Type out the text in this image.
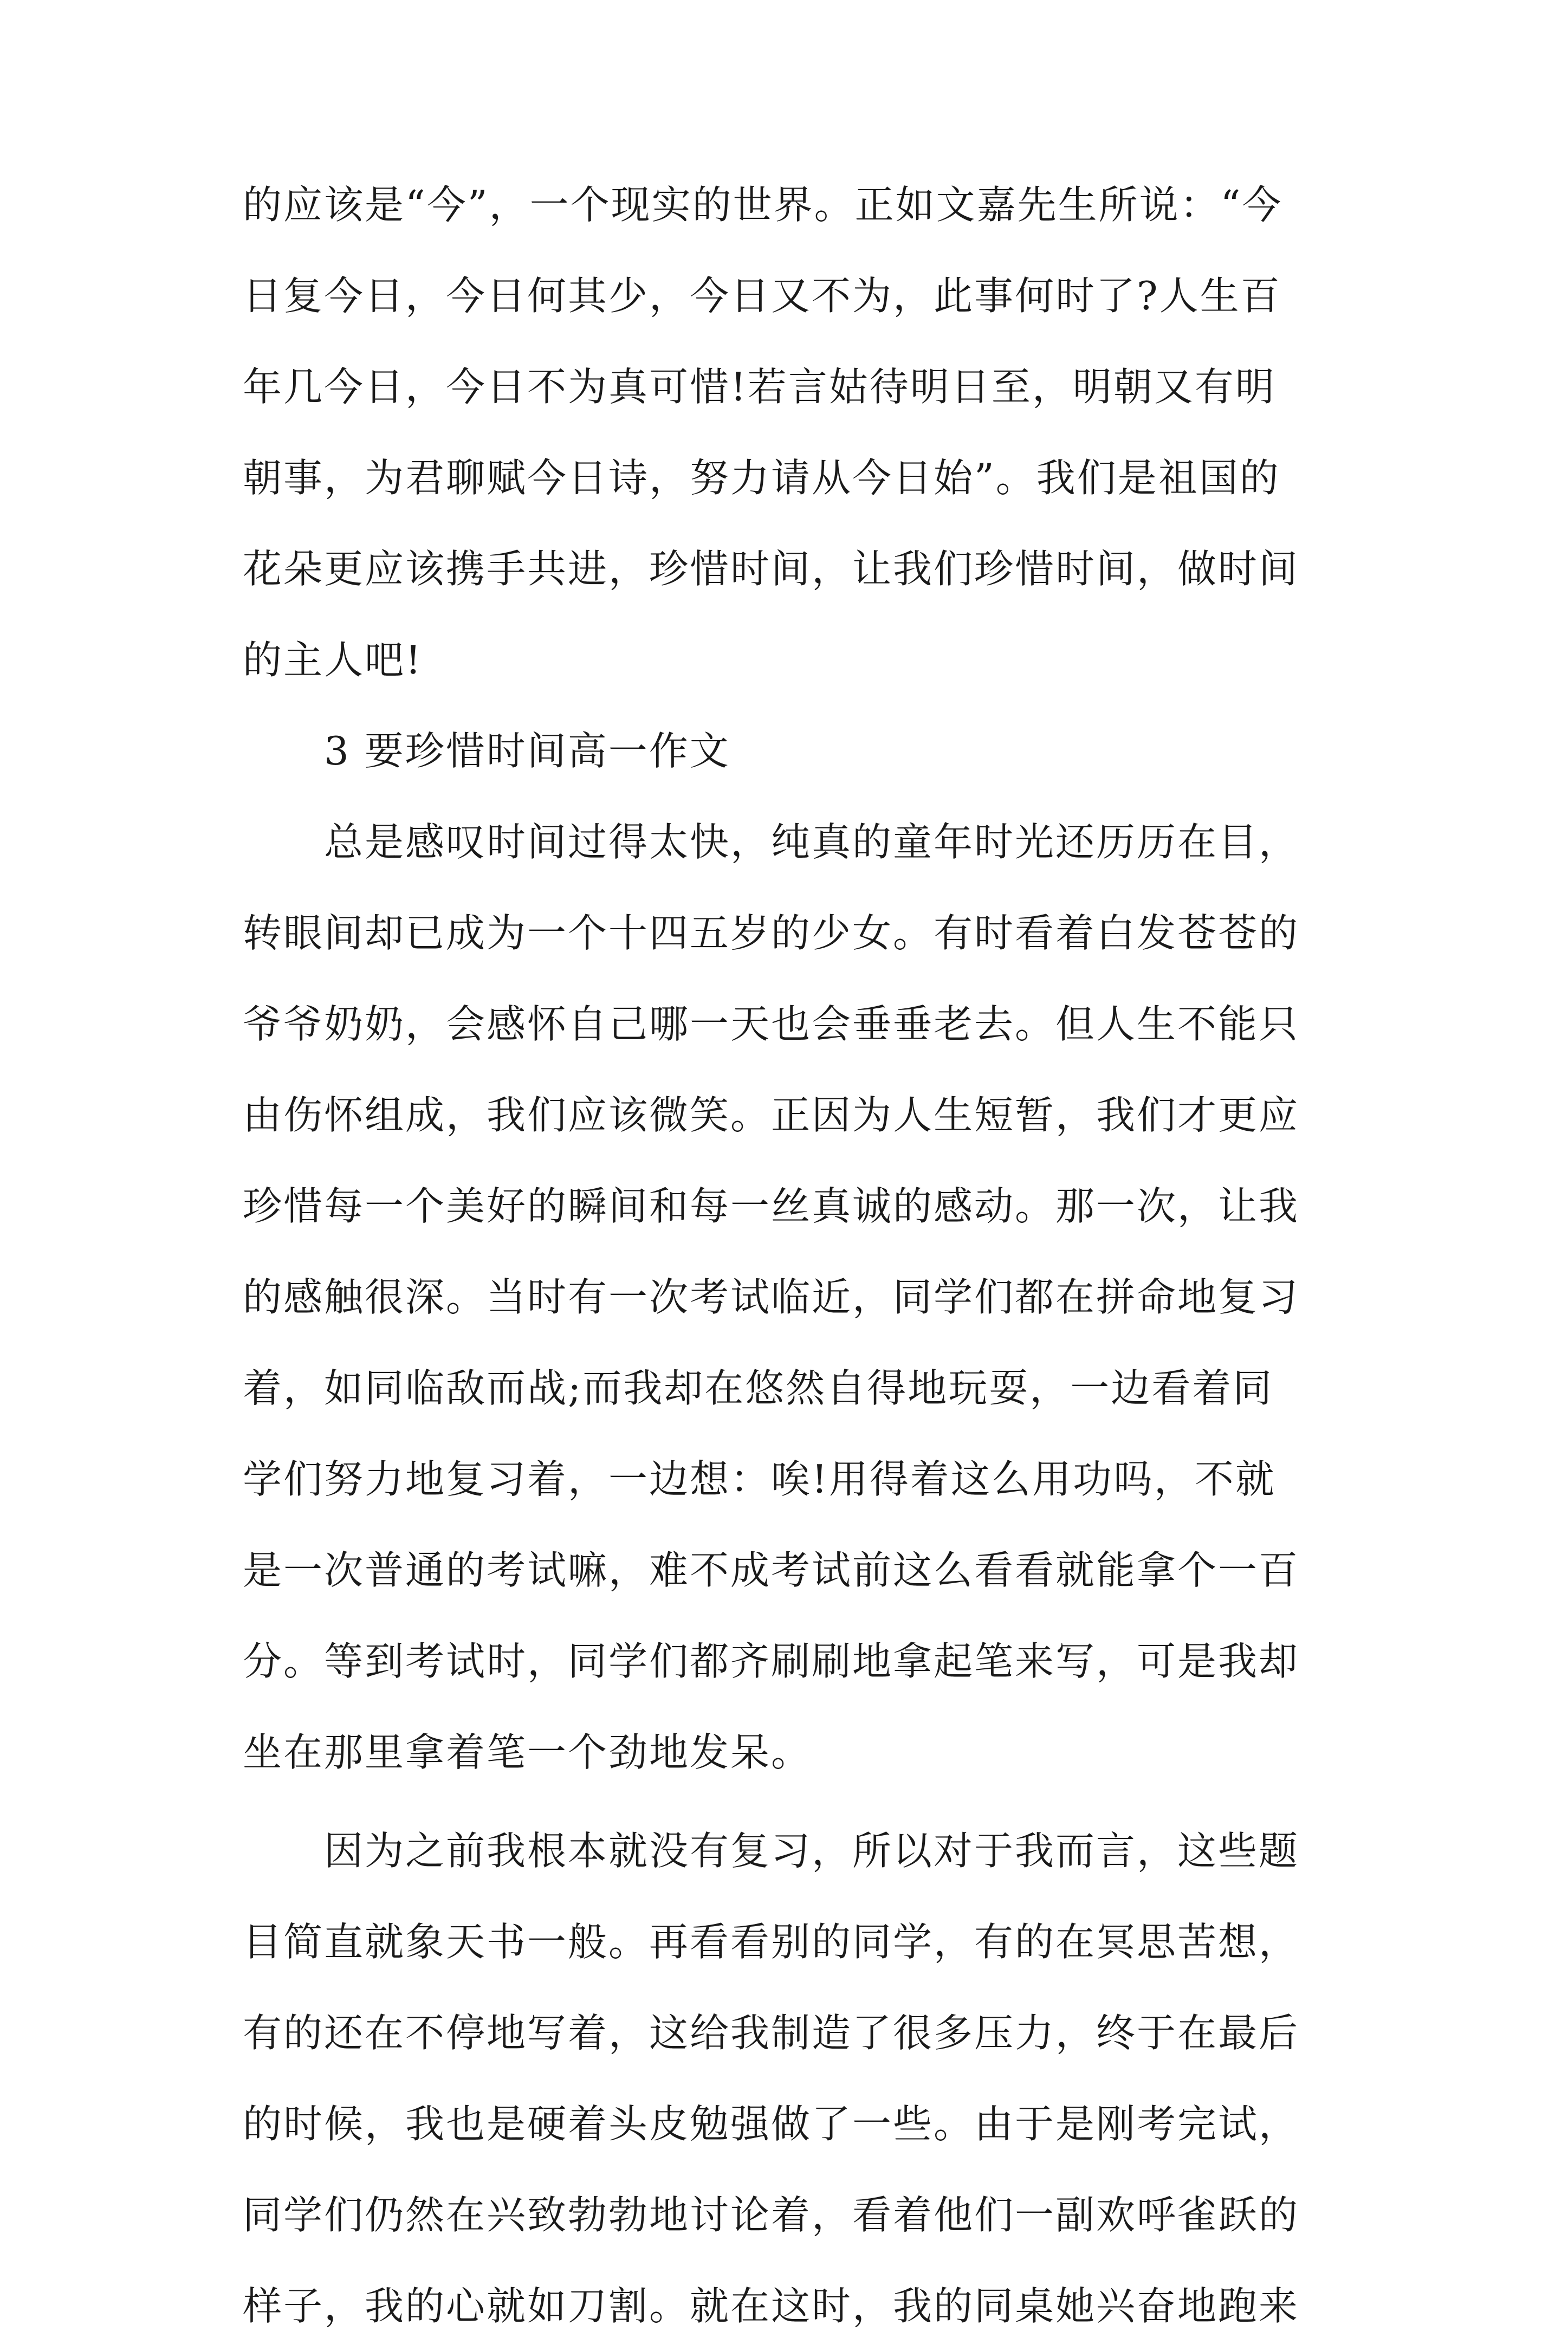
的应该是“今”，一个现实的世界。正如文嘉先生所说：“今
日复今日，今日何其少，今日又不为，此事何时了?人生百
年几今日，今日不为真可惜!若言姑待明日至，明朝又有明
朝事，为君聊赋今日诗，努力请从今日始”。我们是祖国的
花朵更应该携手共进，珍惜时间，让我们珍惜时间，做时间
的主人吧!
3 要珍惜时间高一作文
总是感叹时间过得太快，纯真的童年时光还历历在目，
转眼间却已成为一个十四五岁的少女。有时看着白发苍苍的
爷爷奶奶，会感怀自己哪一天也会垂垂老去。但人生不能只
由伤怀组成，我们应该微笑。正因为人生短暂，我们才更应
珍惜每一个美好的瞬间和每一丝真诚的感动。那一次，让我
的感触很深。当时有一次考试临近，同学们都在拼命地复习
着，如同临敌而战;而我却在悠然自得地玩耍，一边看着同
学们努力地复习着，一边想：唉!用得着这么用功吗，不就
是一次普通的考试嘛，难不成考试前这么看看就能拿个一百
分。等到考试时，同学们都齐刷刷地拿起笔来写，可是我却
坐在那里拿着笔一个劲地发呆。
因为之前我根本就没有复习，所以对于我而言，这些题
目简直就象天书一般。再看看别的同学，有的在冥思苦想，
有的还在不停地写着，这给我制造了很多压力，终于在最后
的时候，我也是硬着头皮勉强做了一些。由于是刚考完试，
同学们仍然在兴致勃勃地讨论着，看着他们一副欢呼雀跃的
样子，我的心就如刀割。就在这时，我的同桌她兴奋地跑来
